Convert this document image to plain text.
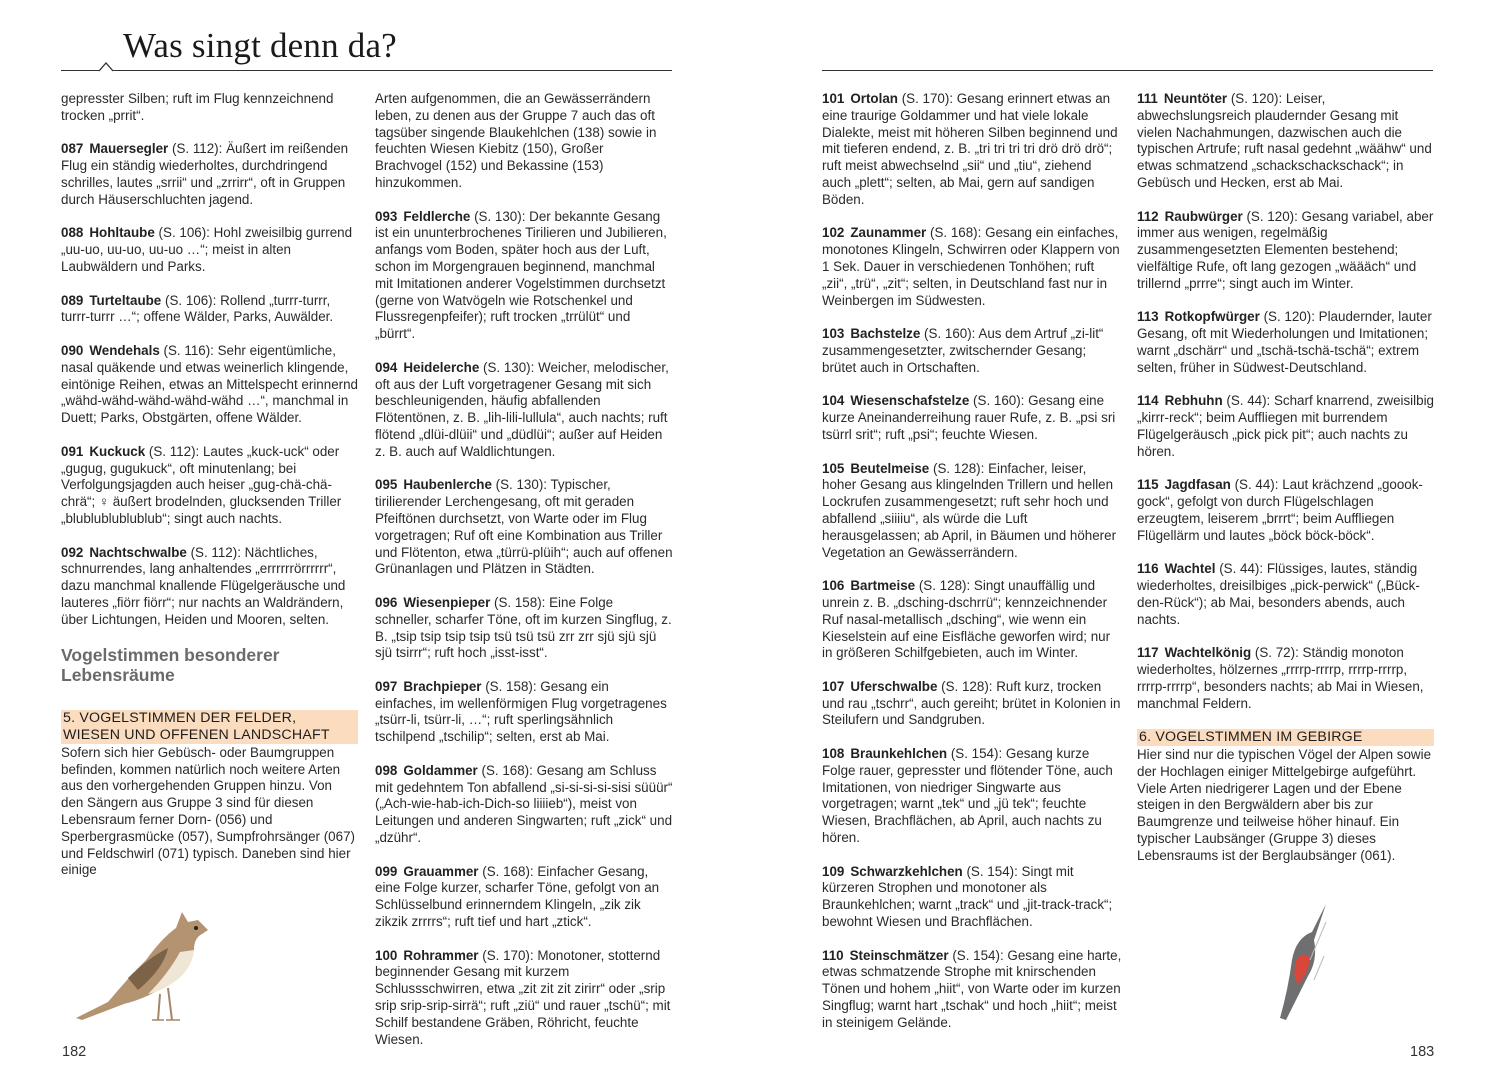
Was singt denn da?

gepresster Silben; ruft im Flug kennzeichnend trocken „prrit“.

087 Mauersegler (S. 112): Äußert im reißenden Flug ein ständig wiederholtes, durchdringend schrilles, lautes „srrii“ und „zrrirr“, oft in Gruppen durch Häuserschluchten jagend.

088 Hohltaube (S. 106): Hohl zweisilbig gurrend „uu-uo, uu-uo, uu-uo …“; meist in alten Laubwäldern und Parks.

089 Turteltaube (S. 106): Rollend „turrr-turrr, turrr-turrr …“; offene Wälder, Parks, Auwälder.

090 Wendehals (S. 116): Sehr eigentümliche, nasal quäkende und etwas weinerlich klingende, eintönige Reihen, etwas an Mittelspecht erinnernd „wähd-wähd-wähd-wähd-wähd …“, manchmal in Duett; Parks, Obstgärten, offene Wälder.

091 Kuckuck (S. 112): Lautes „kuck-uck“ oder „gugug, gugukuck“, oft minutenlang; bei Verfolgungsjagden auch heiser „gug-chä-chä-chrä“; ♀ äußert brodelnden, glucksenden Triller „blublublublublub“; singt auch nachts.

092 Nachtschwalbe (S. 112): Nächtliches, schnurrendes, lang anhaltendes „errrrrrörrrrrr“, dazu manchmal knallende Flügelgeräusche und lauteres „fiörr fiörr“; nur nachts an Waldrändern, über Lichtungen, Heiden und Mooren, selten.

Vogelstimmen besonderer Lebensräume
5. VOGELSTIMMEN DER FELDER, WIESEN UND OFFENEN LANDSCHAFT

Sofern sich hier Gebüsch- oder Baumgruppen befinden, kommen natürlich noch weitere Arten aus den vorhergehenden Gruppen hinzu. Von den Sängern aus Gruppe 3 sind für diesen Lebensraum ferner Dorn- (056) und Sperbergrasmücke (057), Sumpfrohrsänger (067) und Feldschwirl (071) typisch. Daneben sind hier einige

Arten aufgenommen, die an Gewässerrändern leben, zu denen aus der Gruppe 7 auch das oft tagsüber singende Blaukehlchen (138) sowie in feuchten Wiesen Kiebitz (150), Großer Brachvogel (152) und Bekassine (153) hinzukommen.

093 Feldlerche (S. 130): Der bekannte Gesang ist ein ununterbrochenes Tirilieren und Jubilieren, anfangs vom Boden, später hoch aus der Luft, schon im Morgengrauen beginnend, manchmal mit Imitationen anderer Vogelstimmen durchsetzt (gerne von Watvögeln wie Rotschenkel und Flussregenpfeifer); ruft trocken „trrülüt“ und „bürrt“.

094 Heidelerche (S. 130): Weicher, melodischer, oft aus der Luft vorgetragener Gesang mit sich beschleunigenden, häufig abfallenden Flötentönen, z. B. „lih-lili-lullula“, auch nachts; ruft flötend „dlüi-dlüii“ und „düdlüi“; außer auf Heiden z. B. auch auf Waldlichtungen.

095 Haubenlerche (S. 130): Typischer, tirilierender Lerchengesang, oft mit geraden Pfeiftönen durchsetzt, von Warte oder im Flug vorgetragen; Ruf oft eine Kombination aus Triller und Flötenton, etwa „türrü-plüih“; auch auf offenen Grünanlagen und Plätzen in Städten.

096 Wiesenpieper (S. 158): Eine Folge schneller, scharfer Töne, oft im kurzen Singflug, z. B. „tsip tsip tsip tsip tsü tsü tsü zrr zrr sjü sjü sjü sjü tsirrr“; ruft hoch „isst-isst“.

097 Brachpieper (S. 158): Gesang ein einfaches, im wellenförmigen Flug vorgetragenes „tsürr-li, tsürr-li, …“; ruft sperlingsähnlich tschilpend „tschilip“; selten, erst ab Mai.

098 Goldammer (S. 168): Gesang am Schluss mit gedehntem Ton abfallend „si-si-si-si-sisi süüür“ („Ach-wie-hab-ich-Dich-so liiiieb“), meist von Leitungen und anderen Singwarten; ruft „zick“ und „dzühr“.

099 Grauammer (S. 168): Einfacher Gesang, eine Folge kurzer, scharfer Töne, gefolgt von an Schlüsselbund erinnerndem Klingeln, „zik zik zikzik zrrrrs“; ruft tief und hart „ztick“.

100 Rohrammer (S. 170): Monotoner, stotternd beginnender Gesang mit kurzem Schlussschwirren, etwa „zit zit zit zirirr“ oder „srip srip srip-srip-sirrä“; ruft „ziü“ und rauer „tschü“; mit Schilf bestandene Gräben, Röhricht, feuchte Wiesen.

101 Ortolan (S. 170): Gesang erinnert etwas an eine traurige Goldammer und hat viele lokale Dialekte, meist mit höheren Silben beginnend und mit tieferen endend, z. B. „tri tri tri tri drö drö drö“; ruft meist abwechselnd „sii“ und „tiu“, ziehend auch „plett“; selten, ab Mai, gern auf sandigen Böden.

102 Zaunammer (S. 168): Gesang ein einfaches, monotones Klingeln, Schwirren oder Klappern von 1 Sek. Dauer in verschiedenen Tonhöhen; ruft „zii“, „trü“, „zit“; selten, in Deutschland fast nur in Weinbergen im Südwesten.

103 Bachstelze (S. 160): Aus dem Artruf „zi-lit“ zusammengesetzter, zwitschernder Gesang; brütet auch in Ortschaften.

104 Wiesenschafstelze (S. 160): Gesang eine kurze Aneinanderreihung rauer Rufe, z. B. „psi sri tsürrl srit“; ruft „psi“; feuchte Wiesen.

105 Beutelmeise (S. 128): Einfacher, leiser, hoher Gesang aus klingelnden Trillern und hellen Lockrufen zusammengesetzt; ruft sehr hoch und abfallend „siiiiu“, als würde die Luft herausgelassen; ab April, in Bäumen und höherer Vegetation an Gewässerrändern.

106 Bartmeise (S. 128): Singt unauffällig und unrein z. B. „dsching-dschrrü“; kennzeichnender Ruf nasal-metallisch „dsching“, wie wenn ein Kieselstein auf eine Eisfläche geworfen wird; nur in größeren Schilfgebieten, auch im Winter.

107 Uferschwalbe (S. 128): Ruft kurz, trocken und rau „tschrr“, auch gereiht; brütet in Kolonien in Steilufern und Sandgruben.

108 Braunkehlchen (S. 154): Gesang kurze Folge rauer, gepresster und flötender Töne, auch Imitationen, von niedriger Singwarte aus vorgetragen; warnt „tek“ und „jü tek“; feuchte Wiesen, Brachflächen, ab April, auch nachts zu hören.

109 Schwarzkehlchen (S. 154): Singt mit kürzeren Strophen und monotoner als Braunkehlchen; warnt „track“ und „jit-track-track“; bewohnt Wiesen und Brachflächen.

110 Steinschmätzer (S. 154): Gesang eine harte, etwas schmatzende Strophe mit knirschenden Tönen und hohem „hiit“, von Warte oder im kurzen Singflug; warnt hart „tschak“ und hoch „hiit“; meist in steinigem Gelände.

111 Neuntöter (S. 120): Leiser, abwechslungsreich plaudernder Gesang mit vielen Nachahmungen, dazwischen auch die typischen Artrufe; ruft nasal gedehnt „wäähw“ und etwas schmatzend „schackschackschack“; in Gebüsch und Hecken, erst ab Mai.

112 Raubwürger (S. 120): Gesang variabel, aber immer aus wenigen, regelmäßig zusammengesetzten Elementen bestehend; vielfältige Rufe, oft lang gezogen „wäääch“ und trillernd „prrre“; singt auch im Winter.

113 Rotkopfwürger (S. 120): Plaudernder, lauter Gesang, oft mit Wiederholungen und Imitationen; warnt „dschärr“ und „tschä-tschä-tschä“; extrem selten, früher in Südwest-Deutschland.

114 Rebhuhn (S. 44): Scharf knarrend, zweisilbig „kirrr-reck“; beim Auffliegen mit burrendem Flügelgeräusch „pick pick pit“; auch nachts zu hören.

115 Jagdfasan (S. 44): Laut krächzend „goook-gock“, gefolgt von durch Flügelschlagen erzeugtem, leiserem „brrrt“; beim Auffliegen Flügellärm und lautes „böck böck-böck“.

116 Wachtel (S. 44): Flüssiges, lautes, ständig wiederholtes, dreisilbiges „pick-perwick“ („Bück-den-Rück“); ab Mai, besonders abends, auch nachts.

117 Wachtelkönig (S. 72): Ständig monoton wiederholtes, hölzernes „rrrrp-rrrrp, rrrrp-rrrrp, rrrrp-rrrrp“, besonders nachts; ab Mai in Wiesen, manchmal Feldern.

6. VOGELSTIMMEN IM GEBIRGE

Hier sind nur die typischen Vögel der Alpen sowie der Hochlagen einiger Mittelgebirge aufgeführt. Viele Arten niedrigerer Lagen und der Ebene steigen in den Bergwäldern aber bis zur Baumgrenze und teilweise höher hinauf. Ein typischer Laubsänger (Gruppe 3) dieses Lebensraums ist der Berglaubsänger (061).

182	183
